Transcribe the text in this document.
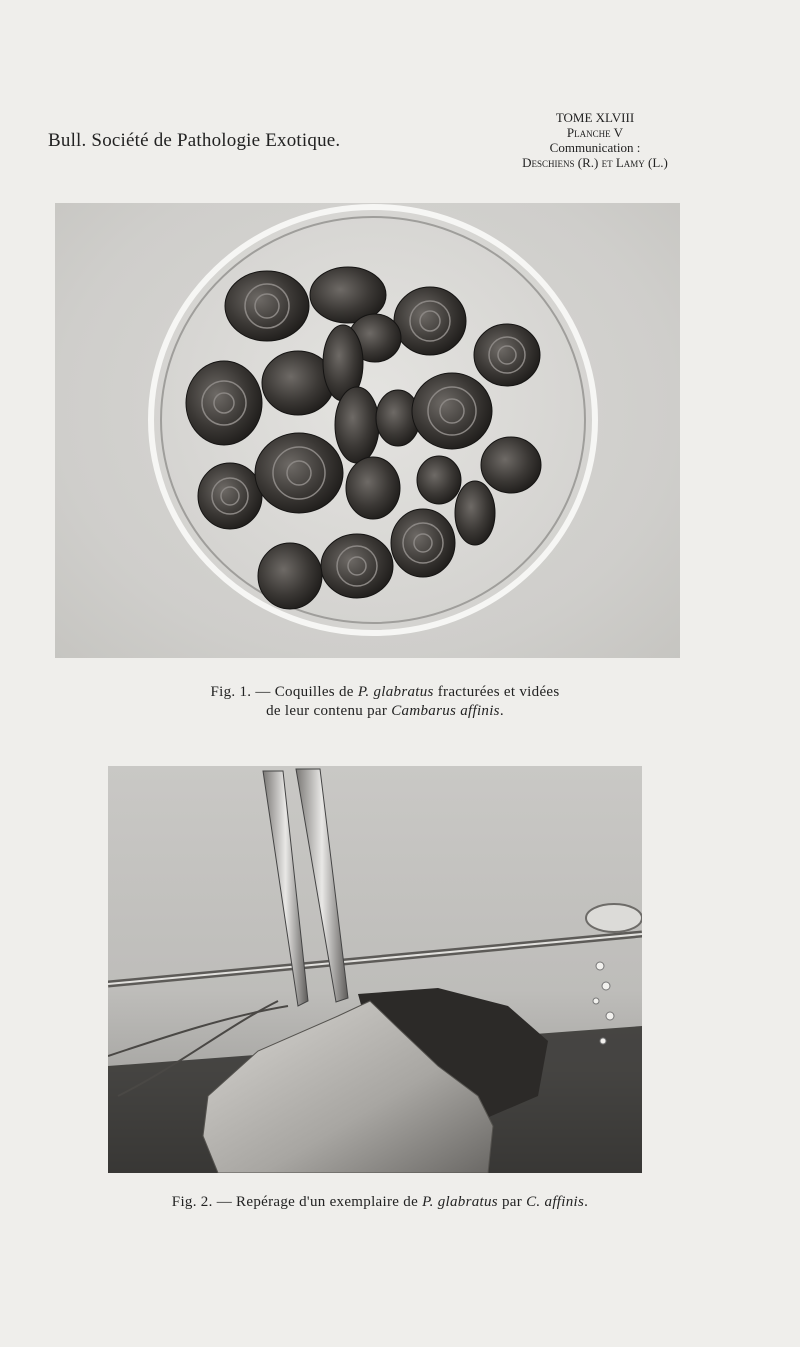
Bull. Société de Pathologie Exotique.
TOME XLVIII
Planche V
Communication :
Deschiens (R.) et Lamy (L.)
Fig. 1. — Coquilles de P. glabratus fracturées et vidées
de leur contenu par Cambarus affinis.
Fig. 2. — Repérage d'un exemplaire de P. glabratus par C. affinis.
